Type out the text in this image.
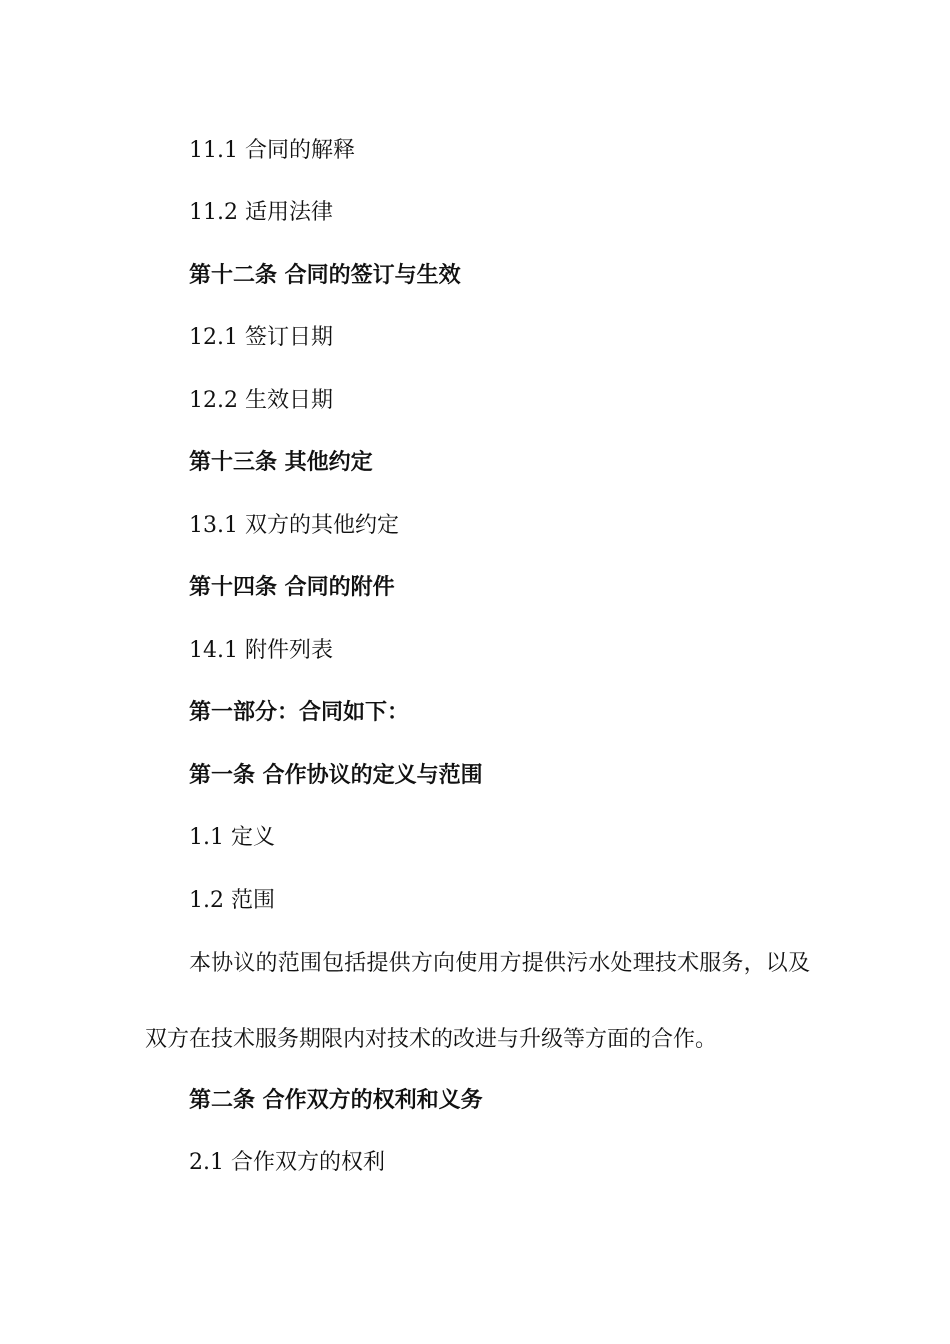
11.1 合同的解释
11.2 适用法律
第十二条 合同的签订与生效
12.1 签订日期
12.2 生效日期
第十三条 其他约定
13.1 双方的其他约定
第十四条 合同的附件
14.1 附件列表
第一部分：合同如下：
第一条 合作协议的定义与范围
1.1 定义
1.2 范围
本协议的范围包括提供方向使用方提供污水处理技术服务，以及双方在技术服务期限内对技术的改进与升级等方面的合作。
第二条 合作双方的权利和义务
2.1 合作双方的权利
